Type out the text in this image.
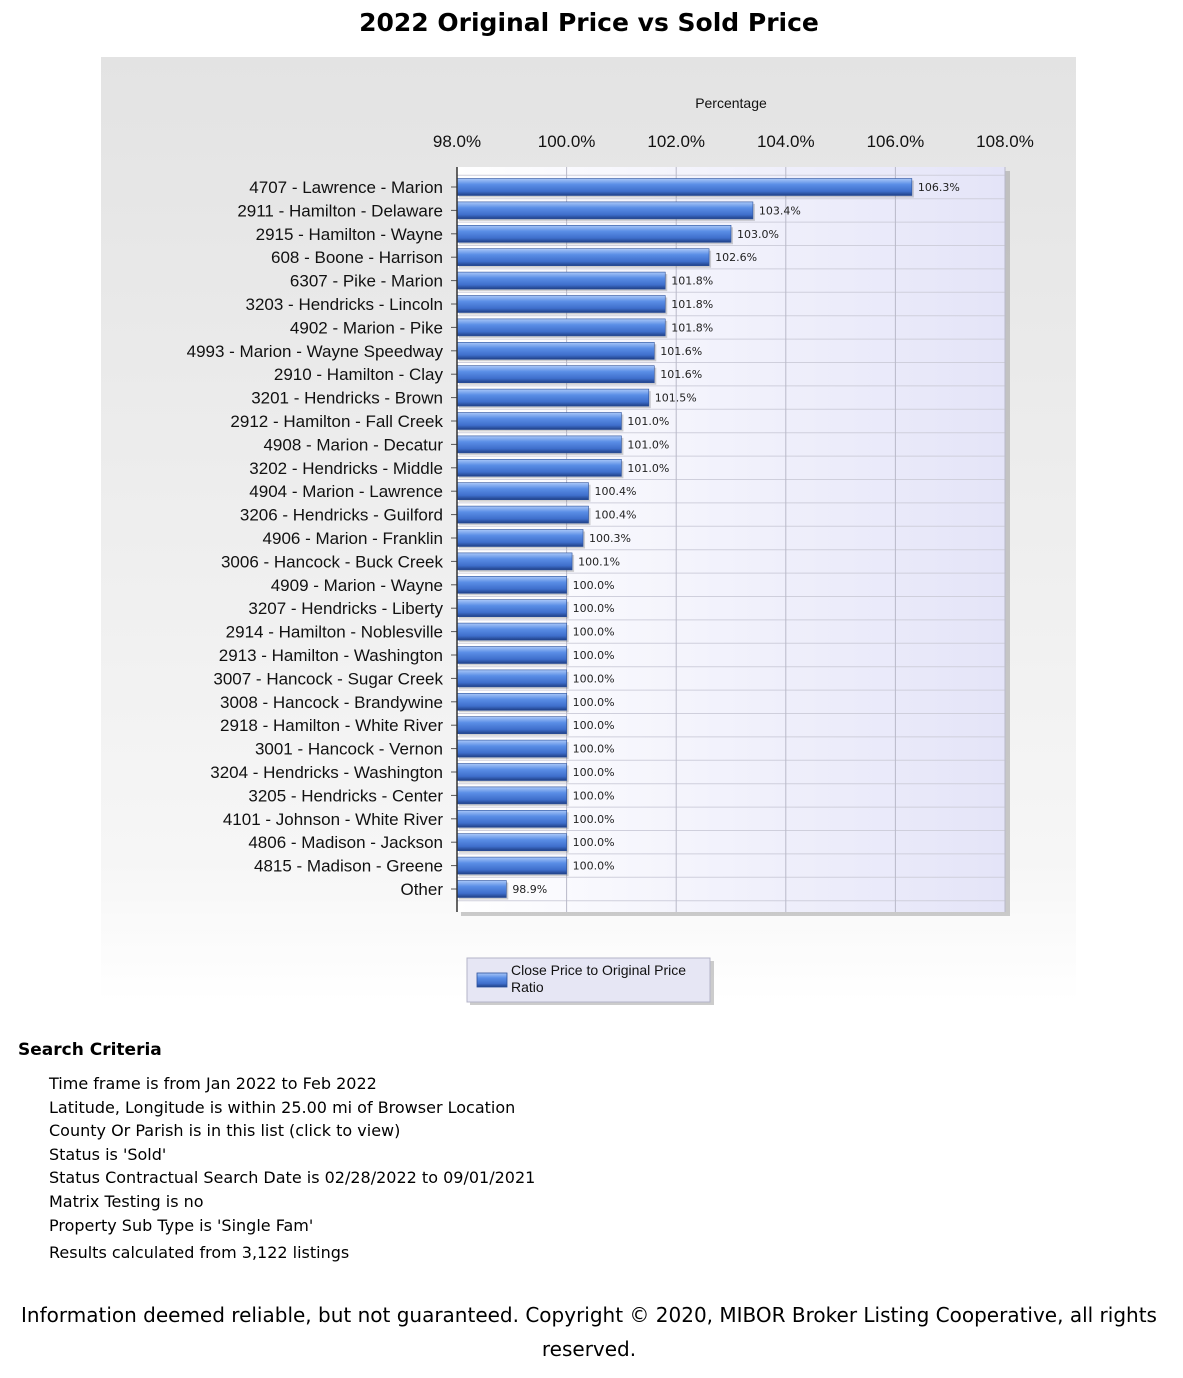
2022 Original Price vs Sold Price
98.0%	100.0%	102.0%	104.0%	106.0%	108.0%
106.3%
103.4%
103.0%
102.6%
101.8%
101.8%
101.8%
101.6%
101.6%
101.5%
101.0%
101.0%
101.0%
100.4%
100.4%
100.3%
100.1%
100.0%
100.0%
100.0%
100.0%
100.0%
100.0%
100.0%
100.0%
100.0%
100.0%
100.0%
100.0%
100.0%
98.9%
4707 - Lawrence - Marion
2911 - Hamilton - Delaware
2915 - Hamilton - Wayne
608 - Boone - Harrison
6307 - Pike - Marion
3203 - Hendricks - Lincoln
4902 - Marion - Pike
4993 - Marion - Wayne Speedway
2910 - Hamilton - Clay
3201 - Hendricks - Brown
2912 - Hamilton - Fall Creek
4908 - Marion - Decatur
3202 - Hendricks - Middle
4904 - Marion - Lawrence
3206 - Hendricks - Guilford
4906 - Marion - Franklin
3006 - Hancock - Buck Creek
4909 - Marion - Wayne
3207 - Hendricks - Liberty
2914 - Hamilton - Noblesville
2913 - Hamilton - Washington
3007 - Hancock - Sugar Creek
3008 - Hancock - Brandywine
2918 - Hamilton - White River
3001 - Hancock - Vernon
3204 - Hendricks - Washington
3205 - Hendricks - Center
4101 - Johnson - White River
4806 - Madison - Jackson
4815 - Madison - Greene
Other
Percentage
Close Price to Original Price
Ratio
Search Criteria
Time frame is from Jan 2022 to Feb 2022
Latitude, Longitude is within 25.00 mi of Browser Location
County Or Parish is in this list (click to view)
Status is 'Sold'
Status Contractual Search Date is 02/28/2022 to 09/01/2021
Matrix Testing is no
Property Sub Type is 'Single Fam'
Results calculated from 3,122 listings
Information deemed reliable, but not guaranteed. Copyright © 2020, MIBOR Broker Listing Cooperative, all rights
reserved.
